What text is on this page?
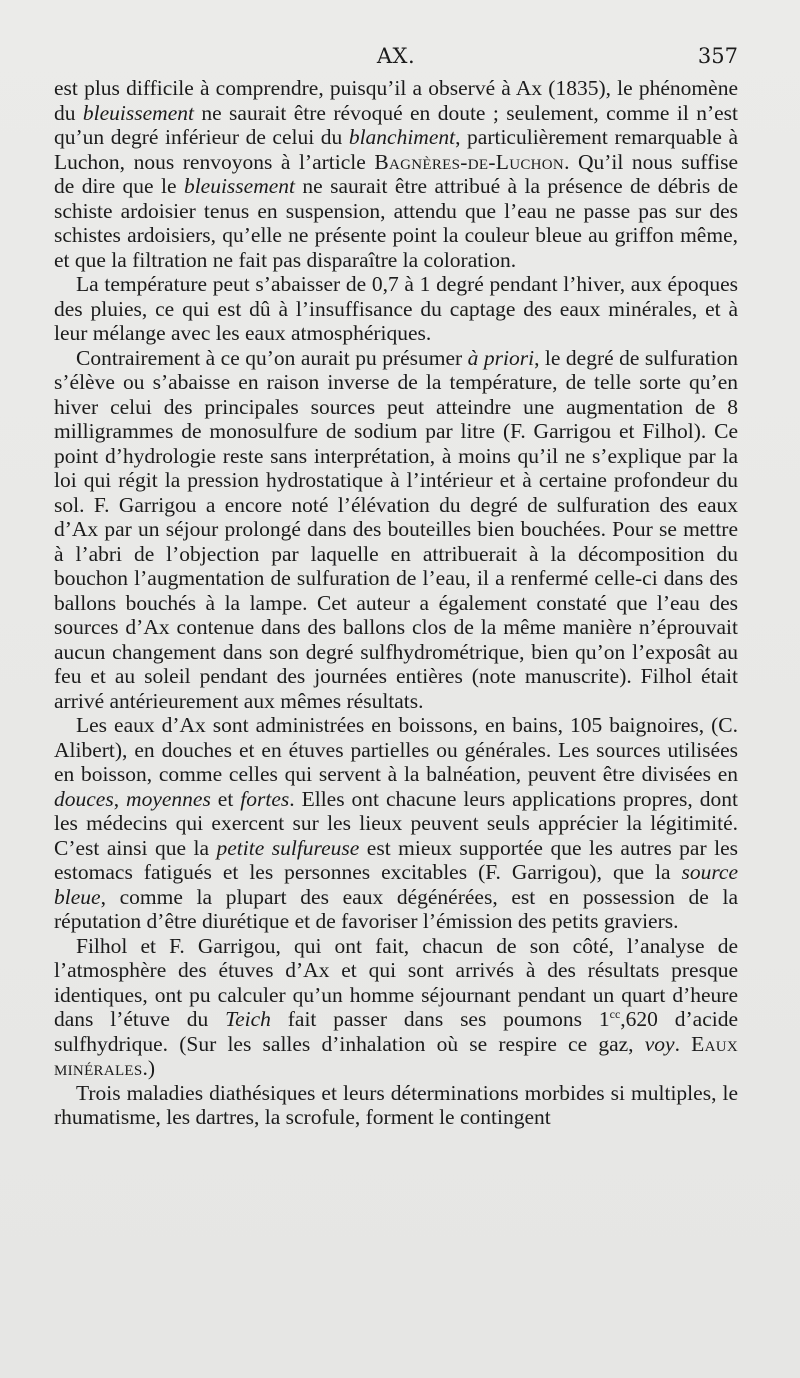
AX.	357

est plus difficile à comprendre, puisqu’il a observé à Ax (1835), le phénomène du bleuissement ne saurait être révoqué en doute ; seulement, comme il n’est qu’un degré inférieur de celui du blanchiment, particulièrement remarquable à Luchon, nous renvoyons à l’article Bagnères-de-Luchon. Qu’il nous suffise de dire que le bleuissement ne saurait être attribué à la présence de débris de schiste ardoisier tenus en suspension, attendu que l’eau ne passe pas sur des schistes ardoisiers, qu’elle ne présente point la couleur bleue au griffon même, et que la filtration ne fait pas disparaître la coloration.

La température peut s’abaisser de 0,7 à 1 degré pendant l’hiver, aux époques des pluies, ce qui est dû à l’insuffisance du captage des eaux minérales, et à leur mélange avec les eaux atmosphériques.

Contrairement à ce qu’on aurait pu présumer à priori, le degré de sulfuration s’élève ou s’abaisse en raison inverse de la température, de telle sorte qu’en hiver celui des principales sources peut atteindre une augmentation de 8 milligrammes de monosulfure de sodium par litre (F. Garrigou et Filhol). Ce point d’hydrologie reste sans interprétation, à moins qu’il ne s’explique par la loi qui régit la pression hydrostatique à l’intérieur et à certaine profondeur du sol. F. Garrigou a encore noté l’élévation du degré de sulfuration des eaux d’Ax par un séjour prolongé dans des bouteilles bien bouchées. Pour se mettre à l’abri de l’objection par laquelle en attribuerait à la décomposition du bouchon l’augmentation de sulfuration de l’eau, il a renfermé celle-ci dans des ballons bouchés à la lampe. Cet auteur a également constaté que l’eau des sources d’Ax contenue dans des ballons clos de la même manière n’éprouvait aucun changement dans son degré sulfhydrométrique, bien qu’on l’exposât au feu et au soleil pendant des journées entières (note manuscrite). Filhol était arrivé antérieurement aux mêmes résultats.

Les eaux d’Ax sont administrées en boissons, en bains, 105 baignoires, (C. Alibert), en douches et en étuves partielles ou générales. Les sources utilisées en boisson, comme celles qui servent à la balnéation, peuvent être divisées en douces, moyennes et fortes. Elles ont chacune leurs applications propres, dont les médecins qui exercent sur les lieux peuvent seuls apprécier la légitimité. C’est ainsi que la petite sulfureuse est mieux supportée que les autres par les estomacs fatigués et les personnes excitables (F. Garrigou), que la source bleue, comme la plupart des eaux dégénérées, est en possession de la réputation d’être diurétique et de favoriser l’émission des petits graviers.

Filhol et F. Garrigou, qui ont fait, chacun de son côté, l’analyse de l’atmosphère des étuves d’Ax et qui sont arrivés à des résultats presque identiques, ont pu calculer qu’un homme séjournant pendant un quart d’heure dans l’étuve du Teich fait passer dans ses poumons $1^{cc},620$ d’acide sulfhydrique. (Sur les salles d’inhalation où se respire ce gaz, voy. Eaux minérales.)

Trois maladies diathésiques et leurs déterminations morbides si multiples, le rhumatisme, les dartres, la scrofule, forment le contingent
